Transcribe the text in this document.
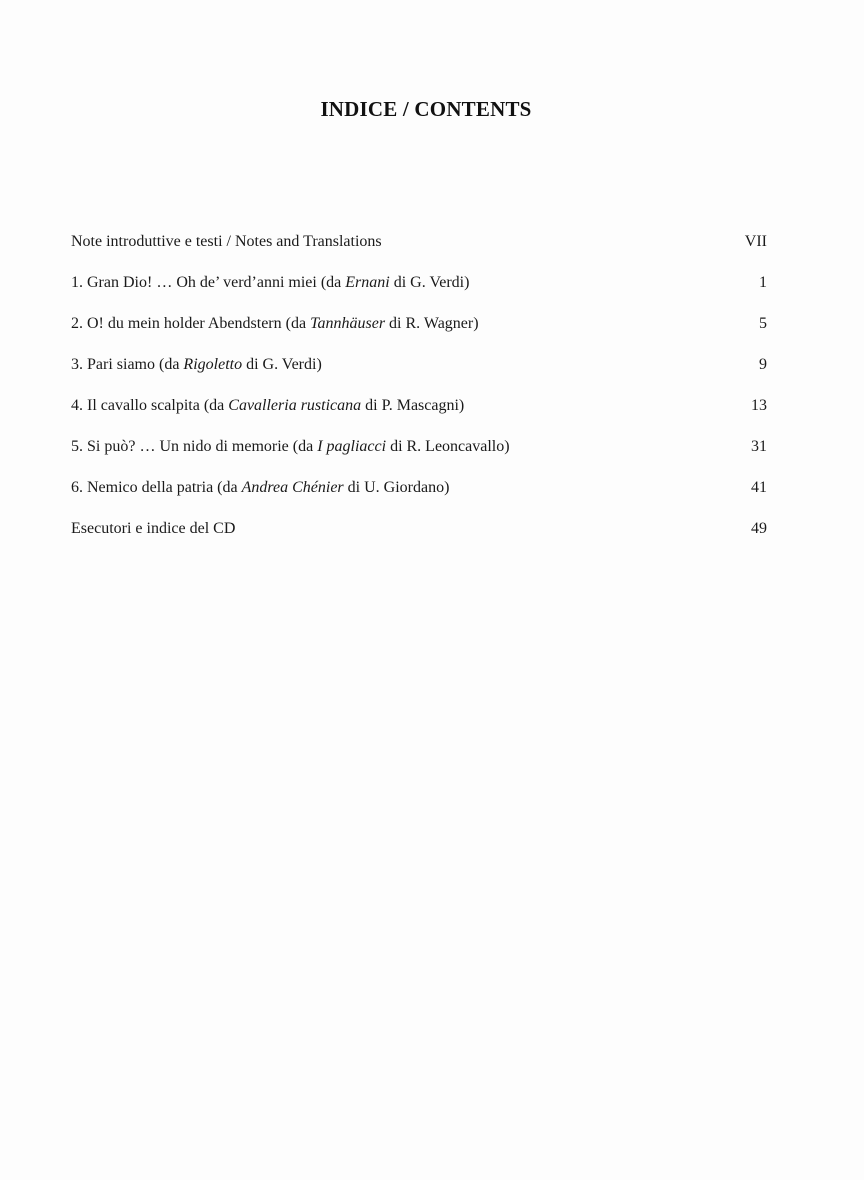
INDICE / CONTENTS
Note introduttive e testi / Notes and Translations	VII
1. Gran Dio! … Oh de’ verd’anni miei (da Ernani di G. Verdi)	1
2. O! du mein holder Abendstern (da Tannhäuser di R. Wagner)	5
3. Pari siamo (da Rigoletto di G. Verdi)	9
4. Il cavallo scalpita (da Cavalleria rusticana di P. Mascagni)	13
5. Si può? … Un nido di memorie (da I pagliacci di R. Leoncavallo)	31
6. Nemico della patria (da Andrea Chénier di U. Giordano)	41
Esecutori e indice del CD	49
